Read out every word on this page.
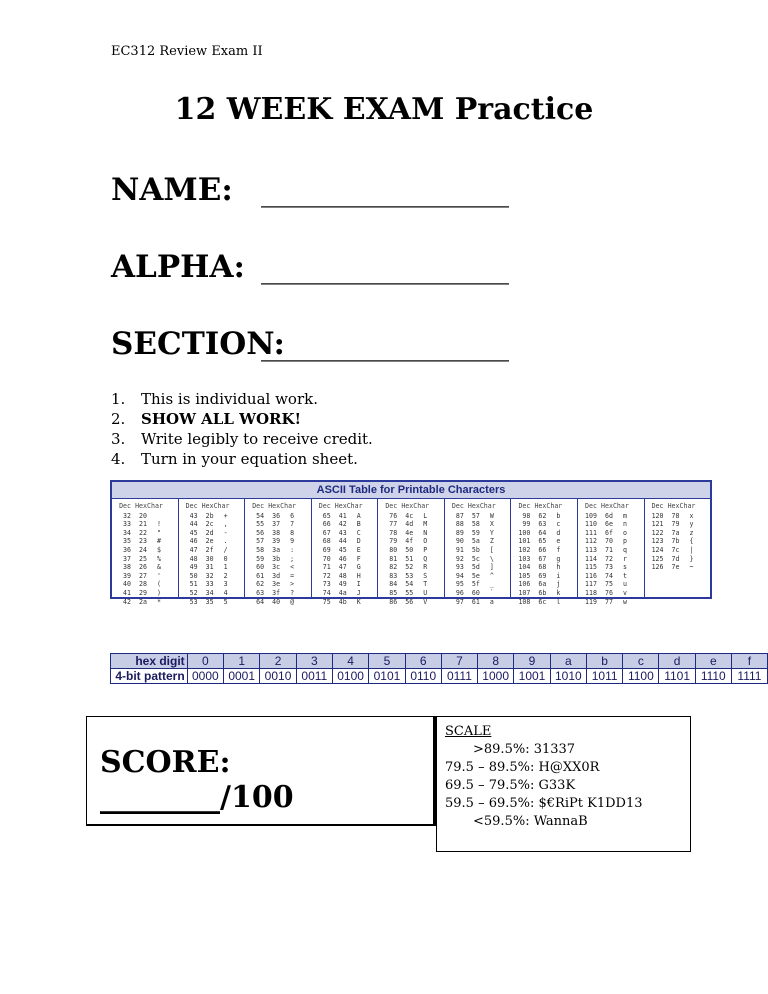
EC312 Review Exam II
12 WEEK EXAM Practice
NAME: ________________
ALPHA: ________________
SECTION:
________________
1.	This is individual work.
2.	SHOW ALL WORK!
3.	Write legibly to receive credit.
4.	Turn in your equation sheet.
ASCII Table for Printable Characters
Dec Hex Char
32	20

33	21	!
34	22	"
35	23	#
36	24	$
37	25	%
38	26	&
39	27	'
40	28	(
41	29	)
42	2a	*
Dec Hex Char
43	2b	+
44	2c	,
45	2d	-
46	2e	.
47	2f	/
48	30	0
49	31	1
50	32	2
51	33	3
52	34	4
53	35	5
Dec Hex Char
54	36	6
55	37	7
56	38	8
57	39	9
58	3a	:
59	3b	;
60	3c	<
61	3d	=
62	3e	>
63	3f	?
64	40	@
Dec Hex Char
65	41	A
66	42	B
67	43	C
68	44	D
69	45	E
70	46	F
71	47	G
72	48	H
73	49	I
74	4a	J
75	4b	K
Dec Hex Char
76	4c	L
77	4d	M
78	4e	N
79	4f	O
80	50	P
81	51	Q
82	52	R
83	53	S
84	54	T
85	55	U
86	56	V
Dec Hex Char
87	57	W
88	58	X
89	59	Y
90	5a	Z
91	5b	[
92	5c	\
93	5d	]
94	5e	^
95	5f	_
96	60	`
97	61	a
Dec Hex Char
98	62	b
99	63	c
100	64	d
101	65	e
102	66	f
103	67	g
104	68	h
105	69	i
106	6a	j
107	6b	k
108	6c	l
Dec Hex Char
109	6d	m
110	6e	n
111	6f	o
112	70	p
113	71	q
114	72	r
115	73	s
116	74	t
117	75	u
118	76	v
119	77	w
Dec Hex Char
120	78	x
121	79	y
122	7a	z
123	7b	{
124	7c	|
125	7d	}
126	7e	~
hex digit	0	1	2	3	4	5	6	7	8	9	a	b	c	d	e	f
4-bit pattern	0000	0001	0010	0011	0100	0101	0110	0111	1000	1001	1010	1011	1100	1101	1110	1111
SCORE: ________/100
SCALE
>89.5%: 31337
79.5 – 89.5%: H@XX0R
69.5 – 79.5%: G33K
59.5 – 69.5%: $€RiPt K1DD13
<59.5%: WannaB
